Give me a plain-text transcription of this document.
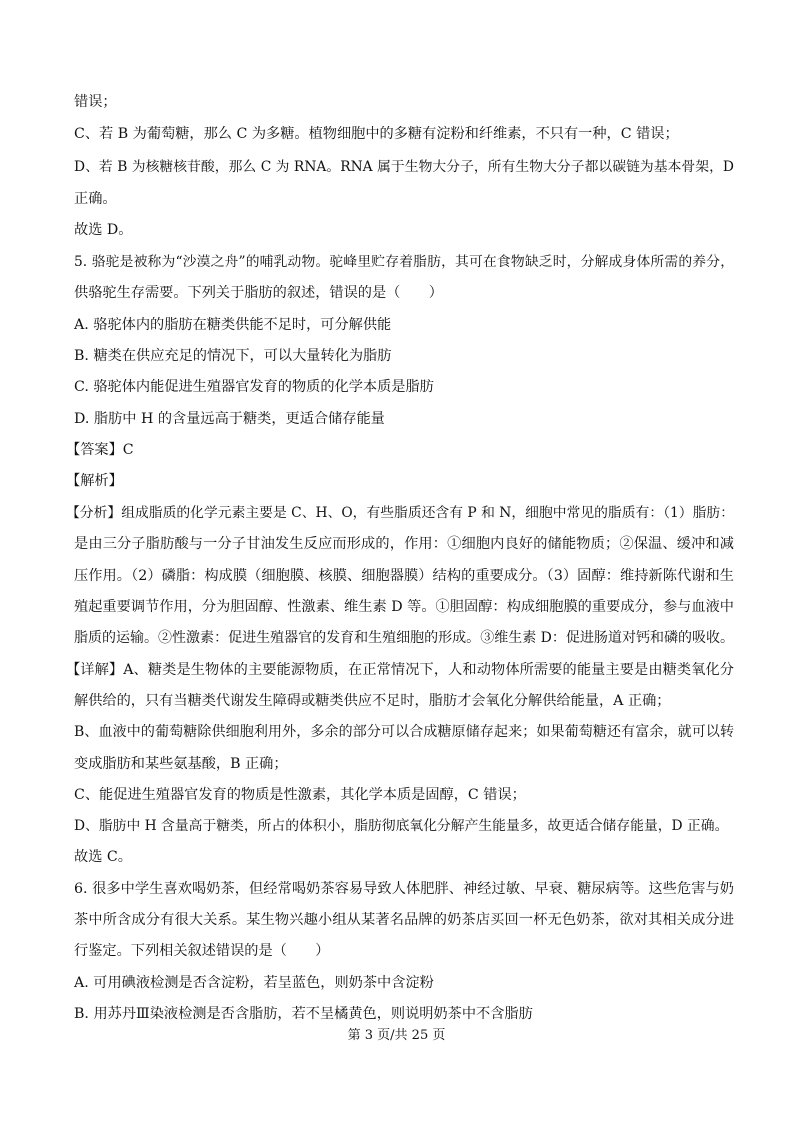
错误；
C、若 B 为葡萄糖，那么 C 为多糖。植物细胞中的多糖有淀粉和纤维素，不只有一种，C 错误；
D、若 B 为核糖核苷酸，那么 C 为 RNA。RNA 属于生物大分子，所有生物大分子都以碳链为基本骨架，D
正确。
故选 D。
5. 骆驼是被称为“沙漠之舟”的哺乳动物。驼峰里贮存着脂肪，其可在食物缺乏时，分解成身体所需的养分，
供骆驼生存需要。下列关于脂肪的叙述，错误的是（　　）
A. 骆驼体内的脂肪在糖类供能不足时，可分解供能
B. 糖类在供应充足的情况下，可以大量转化为脂肪
C. 骆驼体内能促进生殖器官发育的物质的化学本质是脂肪
D. 脂肪中 H 的含量远高于糖类，更适合储存能量
【答案】C
【解析】
【分析】组成脂质的化学元素主要是 C、H、O，有些脂质还含有 P 和 N，细胞中常见的脂质有：（1）脂肪：
是由三分子脂肪酸与一分子甘油发生反应而形成的，作用：①细胞内良好的储能物质；②保温、缓冲和减
压作用。（2）磷脂：构成膜（细胞膜、核膜、细胞器膜）结构的重要成分。（3）固醇：维持新陈代谢和生
殖起重要调节作用，分为胆固醇、性激素、维生素 D 等。①胆固醇：构成细胞膜的重要成分，参与血液中
脂质的运输。②性激素：促进生殖器官的发育和生殖细胞的形成。③维生素 D：促进肠道对钙和磷的吸收。
【详解】A、糖类是生物体的主要能源物质，在正常情况下，人和动物体所需要的能量主要是由糖类氧化分
解供给的，只有当糖类代谢发生障碍或糖类供应不足时，脂肪才会氧化分解供给能量，A 正确；
B、血液中的葡萄糖除供细胞利用外，多余的部分可以合成糖原储存起来；如果葡萄糖还有富余，就可以转
变成脂肪和某些氨基酸，B 正确；
C、能促进生殖器官发育的物质是性激素，其化学本质是固醇，C 错误；
D、脂肪中 H 含量高于糖类，所占的体积小，脂肪彻底氧化分解产生能量多，故更适合储存能量，D 正确。
故选 C。
6. 很多中学生喜欢喝奶茶，但经常喝奶茶容易导致人体肥胖、神经过敏、早衰、糖尿病等。这些危害与奶
茶中所含成分有很大关系。某生物兴趣小组从某著名品牌的奶茶店买回一杯无色奶茶，欲对其相关成分进
行鉴定。下列相关叙述错误的是（　　）
A. 可用碘液检测是否含淀粉，若呈蓝色，则奶茶中含淀粉
B. 用苏丹Ⅲ染液检测是否含脂肪，若不呈橘黄色，则说明奶茶中不含脂肪
第 3 页/共 25 页
